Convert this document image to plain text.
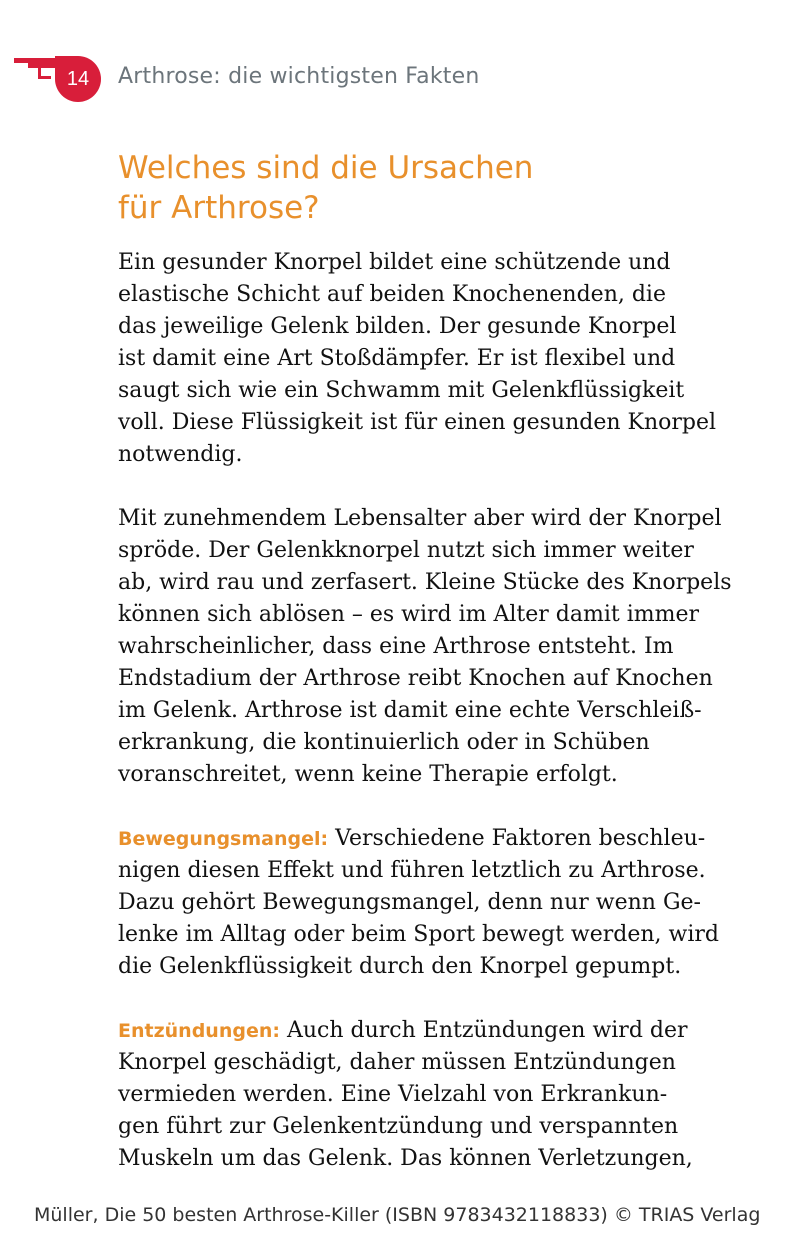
14	Arthrose: die wichtigsten Fakten
Welches sind die Ursachen
für Arthrose?

Ein gesunder Knorpel bildet eine schützende und
elastische Schicht auf beiden Knochenenden, die
das jeweilige Gelenk bilden. Der gesunde Knorpel
ist damit eine Art Stoßdämpfer. Er ist flexibel und
saugt sich wie ein Schwamm mit Gelenkflüssigkeit
voll. Diese Flüssigkeit ist für einen gesunden Knorpel
notwendig.

Mit zunehmendem Lebensalter aber wird der Knorpel
spröde. Der Gelenkknorpel nutzt sich immer weiter
ab, wird rau und zerfasert. Kleine Stücke des Knorpels
können sich ablösen – es wird im Alter damit immer
wahrscheinlicher, dass eine Arthrose entsteht. Im
Endstadium der Arthrose reibt Knochen auf Knochen
im Gelenk. Arthrose ist damit eine echte Verschleiß-
erkrankung, die kontinuierlich oder in Schüben
voranschreitet, wenn keine Therapie erfolgt.

Bewegungsmangel: Verschiedene Faktoren beschleu-
nigen diesen Effekt und führen letztlich zu Arthrose.
Dazu gehört Bewegungsmangel, denn nur wenn Ge-
lenke im Alltag oder beim Sport bewegt werden, wird
die Gelenkflüssigkeit durch den Knorpel gepumpt.

Entzündungen: Auch durch Entzündungen wird der
Knorpel geschädigt, daher müssen Entzündungen
vermieden werden. Eine Vielzahl von Erkrankun-
gen führt zur Gelenkentzündung und verspannten
Muskeln um das Gelenk. Das können Verletzungen,

Müller, Die 50 besten Arthrose-Killer (ISBN 9783432118833) © TRIAS Verlag
